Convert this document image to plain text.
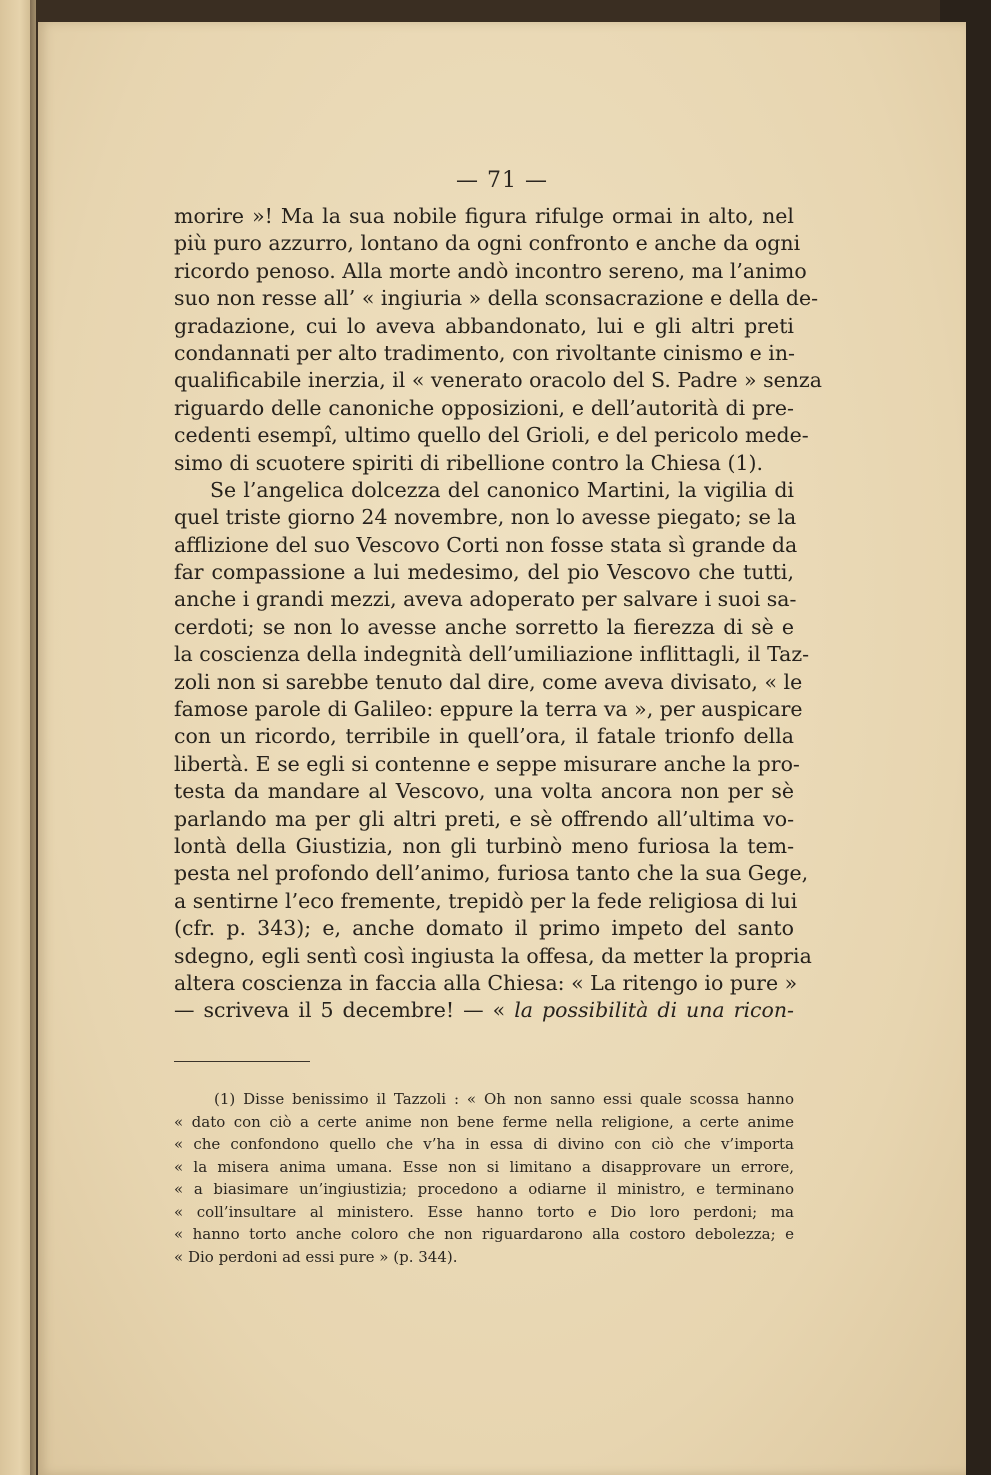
— 71 —
morire »! Ma la sua nobile figura rifulge ormai in alto, nel
più puro azzurro, lontano da ogni confronto e anche da ogni
ricordo penoso. Alla morte andò incontro sereno, ma l’animo
suo non resse all’ « ingiuria » della sconsacrazione e della de-
gradazione, cui lo aveva abbandonato, lui e gli altri preti
condannati per alto tradimento, con rivoltante cinismo e in-
qualificabile inerzia, il « venerato oracolo del S. Padre » senza
riguardo delle canoniche opposizioni, e dell’autorità di pre-
cedenti esempî, ultimo quello del Grioli, e del pericolo mede-
simo di scuotere spiriti di ribellione contro la Chiesa (1).
Se l’angelica dolcezza del canonico Martini, la vigilia di
quel triste giorno 24 novembre, non lo avesse piegato; se la
afflizione del suo Vescovo Corti non fosse stata sì grande da
far compassione a lui medesimo, del pio Vescovo che tutti,
anche i grandi mezzi, aveva adoperato per salvare i suoi sa-
cerdoti; se non lo avesse anche sorretto la fierezza di sè e
la coscienza della indegnità dell’umiliazione inflittagli, il Taz-
zoli non si sarebbe tenuto dal dire, come aveva divisato, « le
famose parole di Galileo: eppure la terra va », per auspicare
con un ricordo, terribile in quell’ora, il fatale trionfo della
libertà. E se egli si contenne e seppe misurare anche la pro-
testa da mandare al Vescovo, una volta ancora non per sè
parlando ma per gli altri preti, e sè offrendo all’ultima vo-
lontà della Giustizia, non gli turbinò meno furiosa la tem-
pesta nel profondo dell’animo, furiosa tanto che la sua Gege,
a sentirne l’eco fremente, trepidò per la fede religiosa di lui
(cfr. p. 343); e, anche domato il primo impeto del santo
sdegno, egli sentì così ingiusta la offesa, da metter la propria
altera coscienza in faccia alla Chiesa: « La ritengo io pure »
— scriveva il 5 decembre! — « la possibilità di una ricon-
(1) Disse benissimo il Tazzoli : « Oh non sanno essi quale scossa hanno
« dato con ciò a certe anime non bene ferme nella religione, a certe anime
« che confondono quello che v’ha in essa di divino con ciò che v’importa
« la misera anima umana. Esse non si limitano a disapprovare un errore,
« a biasimare un’ingiustizia; procedono a odiarne il ministro, e terminano
« coll’insultare al ministero. Esse hanno torto e Dio loro perdoni; ma
« hanno torto anche coloro che non riguardarono alla costoro debolezza; e
« Dio perdoni ad essi pure » (p. 344).
